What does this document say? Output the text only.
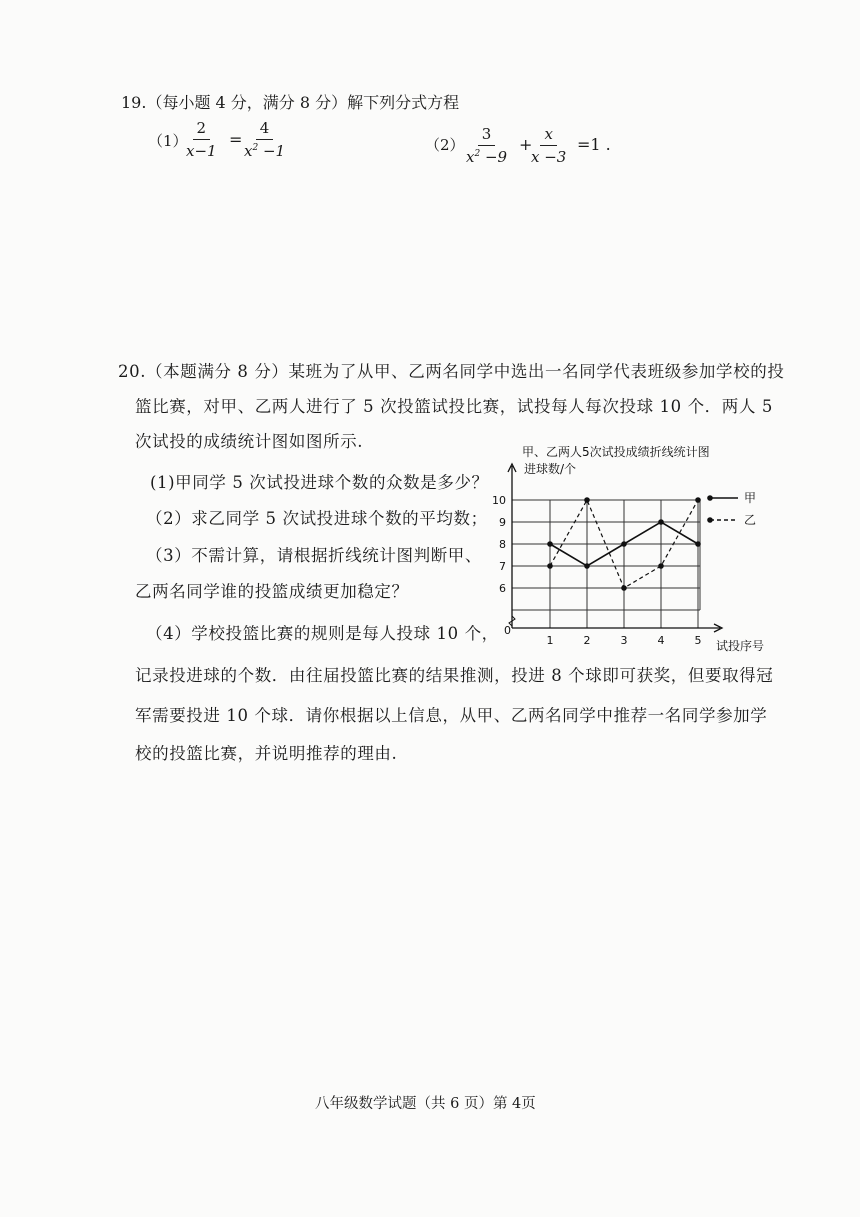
19.（每小题 4 分，满分 8 分）解下列分式方程
（1）
$\frac{2}{x-1} = \frac{4}{x^2 -1}$	$(2) \frac{3}{x^2 -9}$ +
$\frac{x}{x -3} =1$ .
20.（本题满分 8 分）某班为了从甲、乙两名同学中选出一名同学代表班级参加学校的投
篮比赛，对甲、乙两人进行了 5 次投篮试投比赛，试投每人每次投球 10 个．两人 5
次试投的成绩统计图如图所示.
(1)甲同学 5 次试投进球个数的众数是多少？
（2）求乙同学 5 次试投进球个数的平均数；
（3）不需计算，请根据折线统计图判断甲、
乙两名同学谁的投篮成绩更加稳定？
（4）学校投篮比赛的规则是每人投球 10 个，
记录投进球的个数．由往届投篮比赛的结果推测，投进 8 个球即可获奖，但要取得冠
军需要投进 10 个球．请你根据以上信息，从甲、乙两名同学中推荐一名同学参加学
校的投篮比赛，并说明推荐的理由.
甲、乙两人5次试投成绩折线统计图
进球数/个
试投序号
0
6
7
8
9
10
1	2	3	4	5
甲
乙
八年级数学试题（共 6 页）第 4页
